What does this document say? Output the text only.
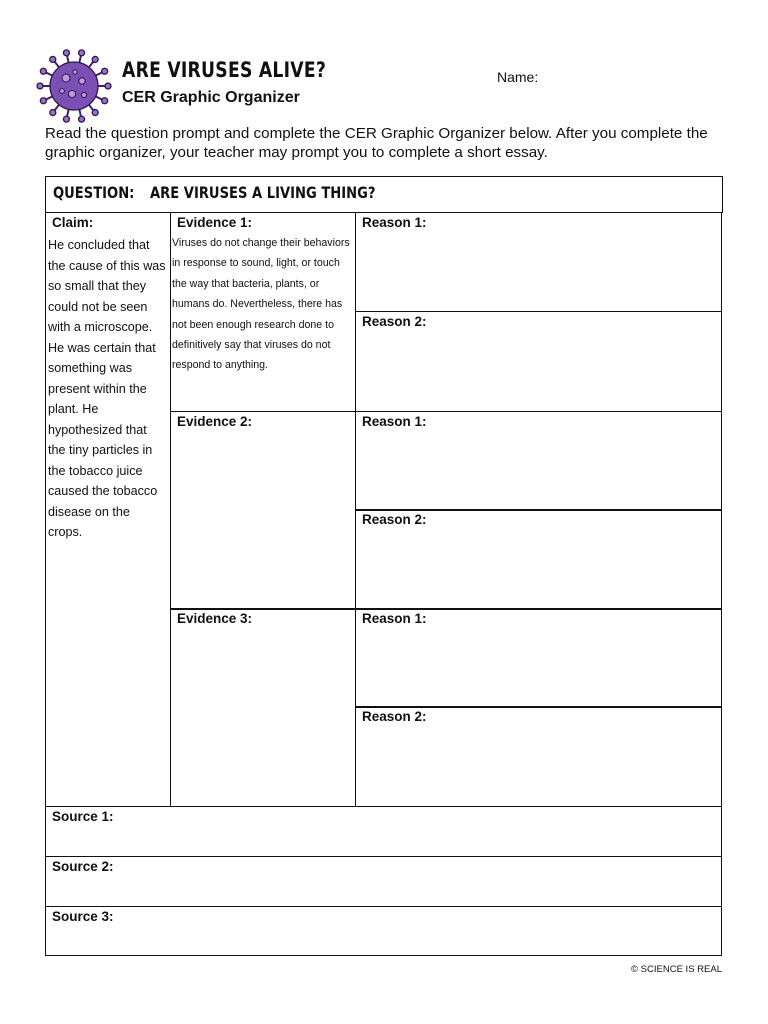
ARE VIRUSES ALIVE?
CER Graphic Organizer
Name:

Read the question prompt and complete the CER Graphic Organizer below. After you complete the graphic organizer, your teacher may prompt you to complete a short essay.

QUESTION: ARE VIRUSES A LIVING THING?
Claim:

He concluded that the cause of this was so small that they could not be seen with a microscope. He was certain that something was present within the plant. He hypothesized that the tiny particles in the tobacco juice caused the tobacco disease on the crops.

Evidence 1:

Viruses do not change their behaviors in response to sound, light, or touch the way that bacteria, plants, or humans do. Nevertheless, there has not been enough research done to definitively say that viruses do not respond to anything.

Reason 1:
Reason 2:
Evidence 2:	Reason 1:
Reason 2:
Evidence 3:	Reason 1:
Reason 2:
Source 1:
Source 2:
Source 3:
© SCIENCE IS REAL
